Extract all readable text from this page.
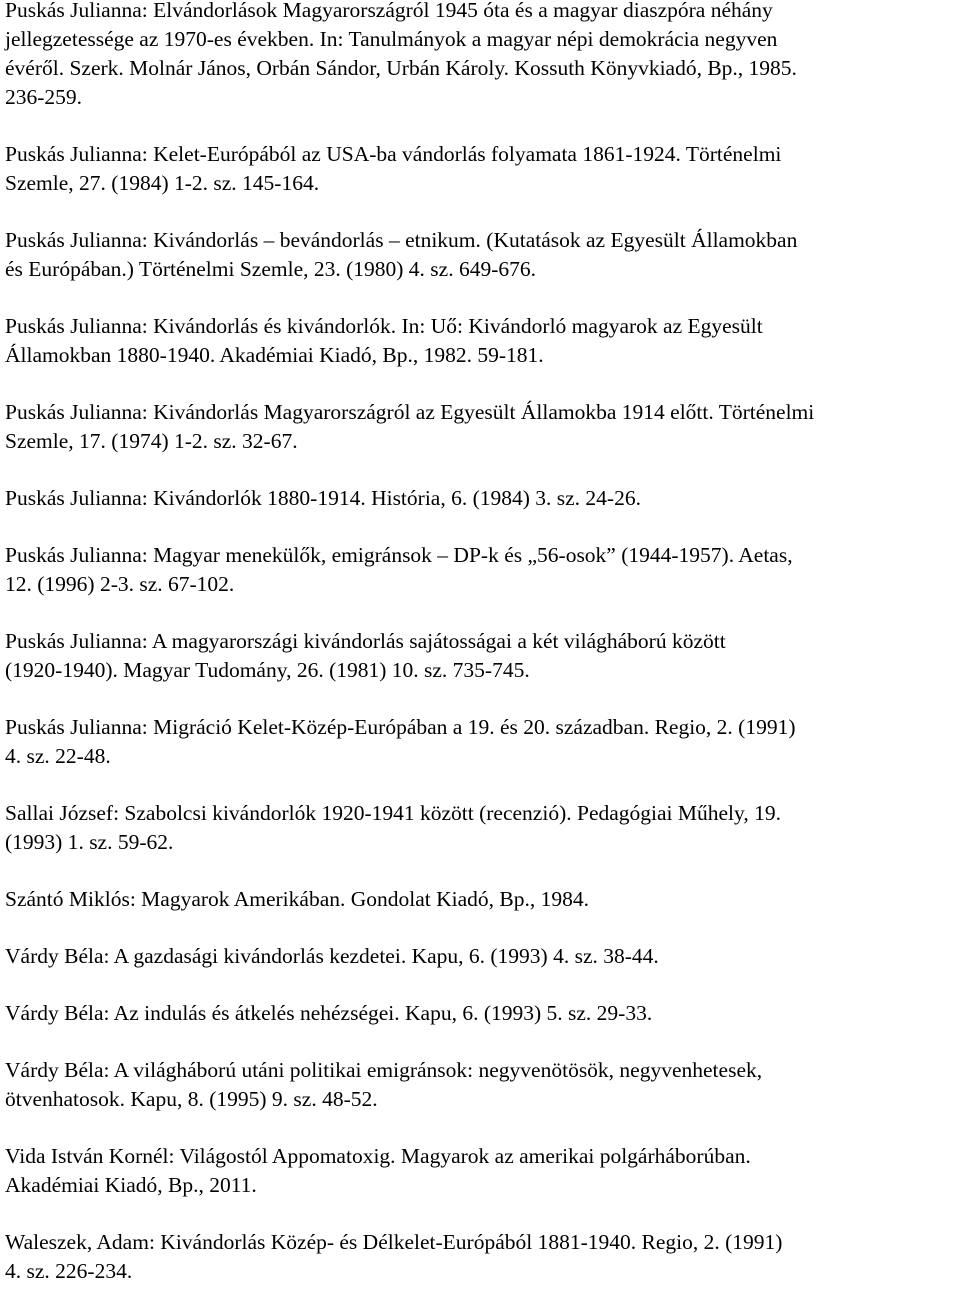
Puskás Julianna: Elvándorlások Magyarországról 1945 óta és a magyar diaszpóra néhány
jellegzetessége az 1970-es években. In: Tanulmányok a magyar népi demokrácia negyven
évéről. Szerk. Molnár János, Orbán Sándor, Urbán Károly. Kossuth Könyvkiadó, Bp., 1985.
236-259.
Puskás Julianna: Kelet-Európából az USA-ba vándorlás folyamata 1861-1924. Történelmi
Szemle, 27. (1984) 1-2. sz. 145-164.
Puskás Julianna: Kivándorlás – bevándorlás – etnikum. (Kutatások az Egyesült Államokban
és Európában.) Történelmi Szemle, 23. (1980) 4. sz. 649-676.
Puskás Julianna: Kivándorlás és kivándorlók. In: Uő: Kivándorló magyarok az Egyesült
Államokban 1880-1940. Akadémiai Kiadó, Bp., 1982. 59-181.
Puskás Julianna: Kivándorlás Magyarországról az Egyesült Államokba 1914 előtt. Történelmi
Szemle, 17. (1974) 1-2. sz. 32-67.
Puskás Julianna: Kivándorlók 1880-1914. História, 6. (1984) 3. sz. 24-26.
Puskás Julianna: Magyar menekülők, emigránsok – DP-k és „56-osok” (1944-1957). Aetas,
12. (1996) 2-3. sz. 67-102.
Puskás Julianna: A magyarországi kivándorlás sajátosságai a két világháború között
(1920-1940). Magyar Tudomány, 26. (1981) 10. sz. 735-745.
Puskás Julianna: Migráció Kelet-Közép-Európában a 19. és 20. században. Regio, 2. (1991)
4. sz. 22-48.
Sallai József: Szabolcsi kivándorlók 1920-1941 között (recenzió). Pedagógiai Műhely, 19.
(1993) 1. sz. 59-62.
Szántó Miklós: Magyarok Amerikában. Gondolat Kiadó, Bp., 1984.
Várdy Béla: A gazdasági kivándorlás kezdetei. Kapu, 6. (1993) 4. sz. 38-44.
Várdy Béla: Az indulás és átkelés nehézségei. Kapu, 6. (1993) 5. sz. 29-33.
Várdy Béla: A világháború utáni politikai emigránsok: negyvenötösök, negyvenhetesek,
ötvenhatosok. Kapu, 8. (1995) 9. sz. 48-52.
Vida István Kornél: Világostól Appomatoxig. Magyarok az amerikai polgárháborúban.
Akadémiai Kiadó, Bp., 2011.
Waleszek, Adam: Kivándorlás Közép- és Délkelet-Európából 1881-1940. Regio, 2. (1991)
4. sz. 226-234.
